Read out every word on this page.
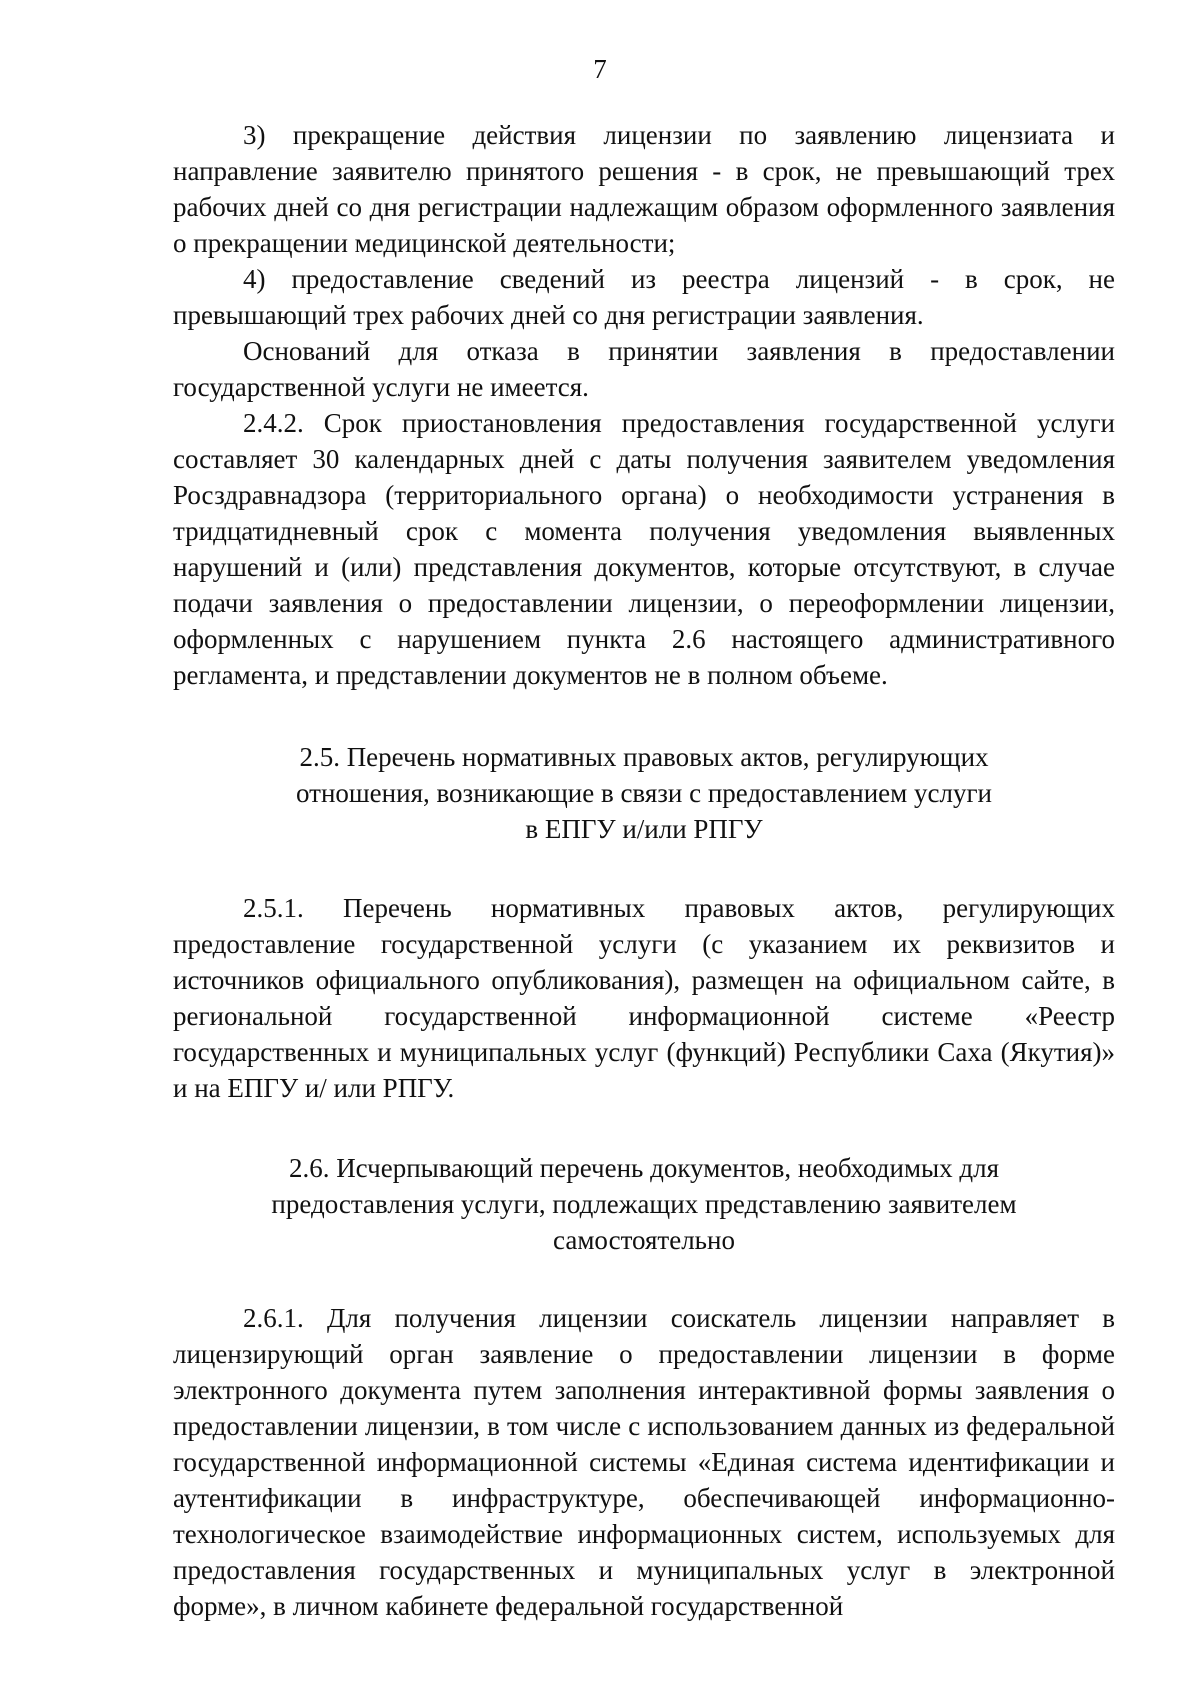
7

3) прекращение действия лицензии по заявлению лицензиата и направление заявителю принятого решения - в срок, не превышающий трех рабочих дней со дня регистрации надлежащим образом оформленного заявления о прекращении медицинской деятельности;

4) предоставление сведений из реестра лицензий - в срок, не превышающий трех рабочих дней со дня регистрации заявления.

Оснований для отказа в принятии заявления в предоставлении государственной услуги не имеется.

2.4.2. Срок приостановления предоставления государственной услуги составляет 30 календарных дней с даты получения заявителем уведомления Росздравнадзора (территориального органа) о необходимости устранения в тридцатидневный срок с момента получения уведомления выявленных нарушений и (или) представления документов, которые отсутствуют, в случае подачи заявления о предоставлении лицензии, о переоформлении лицензии, оформленных с нарушением пункта 2.6 настоящего административного регламента, и представлении документов не в полном объеме.

2.5. Перечень нормативных правовых актов, регулирующих
отношения, возникающие в связи с предоставлением услуги
в ЕПГУ и/или РПГУ

2.5.1. Перечень нормативных правовых актов, регулирующих предоставление государственной услуги (с указанием их реквизитов и источников официального опубликования), размещен на официальном сайте, в региональной государственной информационной системе «Реестр государственных и муниципальных услуг (функций) Республики Саха (Якутия)» и на ЕПГУ и/ или РПГУ.

2.6. Исчерпывающий перечень документов, необходимых для
предоставления услуги, подлежащих представлению заявителем
самостоятельно

2.6.1. Для получения лицензии соискатель лицензии направляет в лицензирующий орган заявление о предоставлении лицензии в форме электронного документа путем заполнения интерактивной формы заявления о предоставлении лицензии, в том числе с использованием данных из федеральной государственной информационной системы «Единая система идентификации и аутентификации в инфраструктуре, обеспечивающей информационно-технологическое взаимодействие информационных систем, используемых для предоставления государственных и муниципальных услуг в электронной форме», в личном кабинете федеральной государственной
